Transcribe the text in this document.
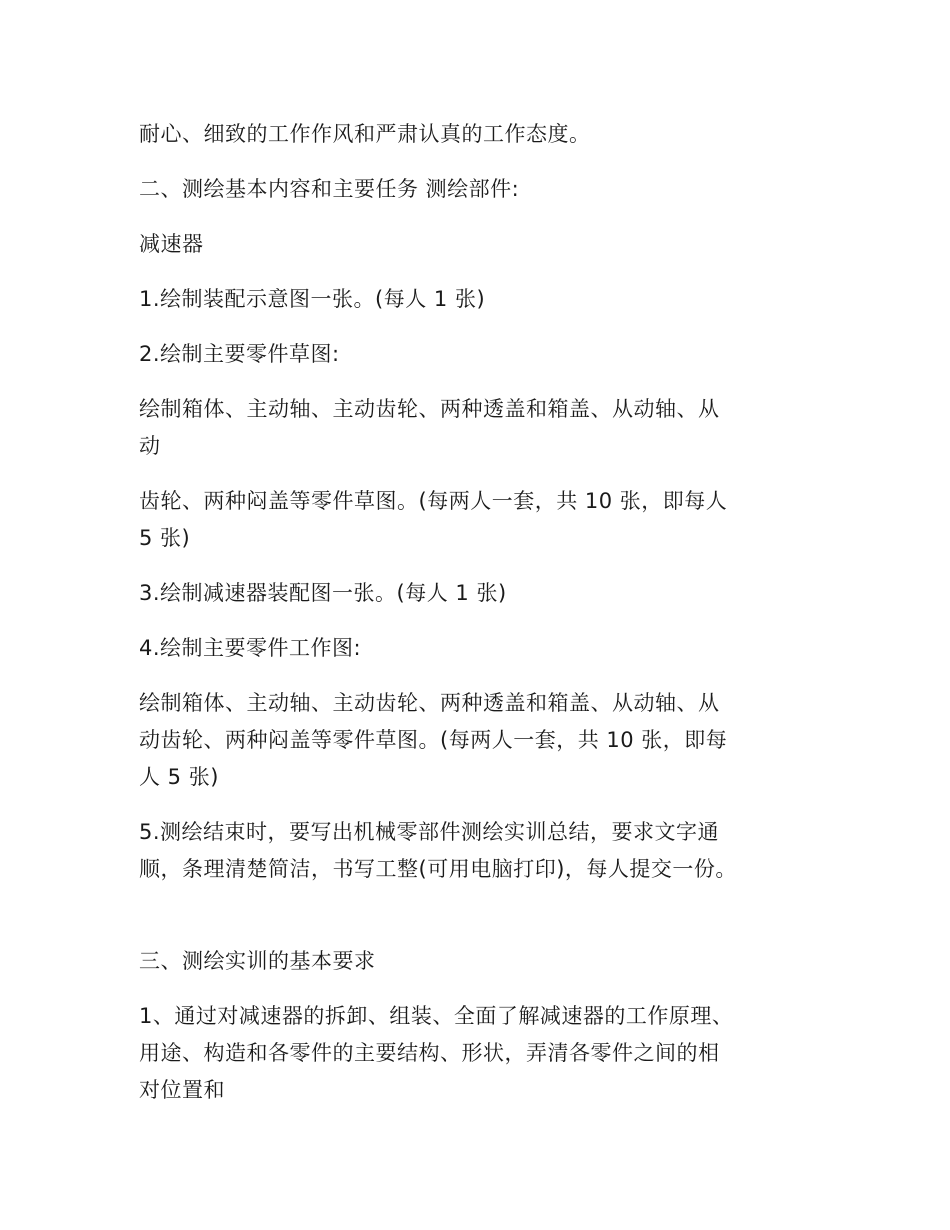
耐心、细致的工作作风和严肃认真的工作态度。

二、测绘基本内容和主要任务 测绘部件:

减速器

1.绘制装配示意图一张。(每人 1 张)

2.绘制主要零件草图:

绘制箱体、主动轴、主动齿轮、两种透盖和箱盖、从动轴、从
动

齿轮、两种闷盖等零件草图。(每两人一套，共 10 张，即每人
5 张)

3.绘制减速器装配图一张。(每人 1 张)

4.绘制主要零件工作图:

绘制箱体、主动轴、主动齿轮、两种透盖和箱盖、从动轴、从
动齿轮、两种闷盖等零件草图。(每两人一套，共 10 张，即每
人 5 张)

5.测绘结束时，要写出机械零部件测绘实训总结，要求文字通
顺，条理清楚简洁，书写工整(可用电脑打印)，每人提交一份。

三、测绘实训的基本要求

1、通过对减速器的拆卸、组装、全面了解减速器的工作原理、
用途、构造和各零件的主要结构、形状，弄清各零件之间的相
对位置和
